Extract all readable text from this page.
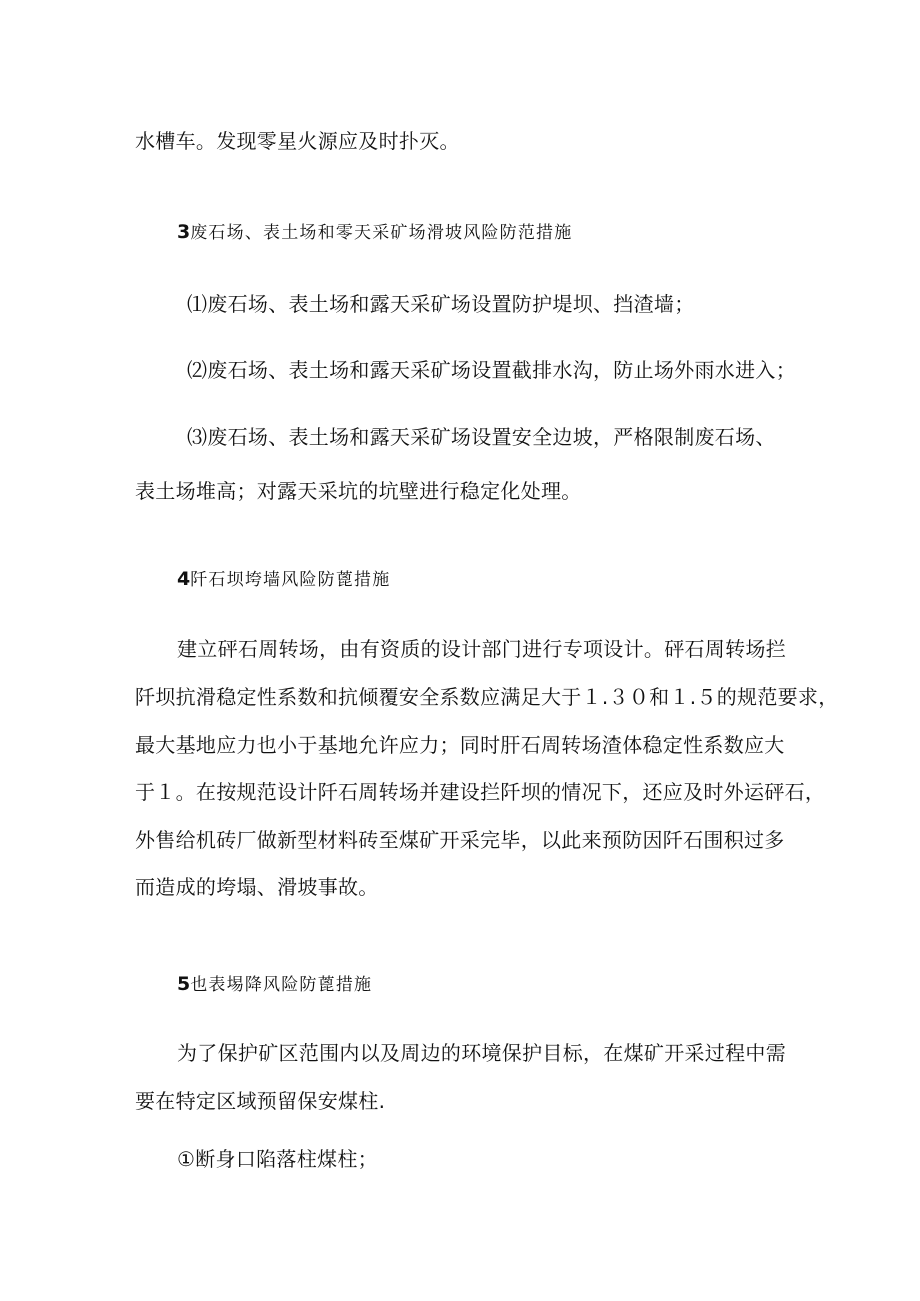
水槽车。发现零星火源应及时扑灭。
3废石场、表土场和零天采矿场滑坡风险防范措施
⑴废石场、表土场和露天采矿场设置防护堤坝、挡渣墙；
⑵废石场、表土场和露天采矿场设置截排水沟，防止场外雨水进入；
⑶废石场、表土场和露天采矿场设置安全边坡，严格限制废石场、
表土场堆高；对露天采坑的坑壁进行稳定化处理。
4阡石坝垮墙风险防蓖措施
建立砰石周转场，由有资质的设计部门进行专项设计。砰石周转场拦
阡坝抗滑稳定性系数和抗倾覆安全系数应满足大于１.３０和１.５的规范要求，
最大基地应力也小于基地允许应力；同时肝石周转场渣体稳定性系数应大
于１。在按规范设计阡石周转场并建设拦阡坝的情况下，还应及时外运砰石，
外售给机砖厂做新型材料砖至煤矿开采完毕，以此来预防因阡石围积过多
而造成的垮塌、滑坡事故。
5也表埸降风险防蓖措施
为了保护矿区范围内以及周边的环境保护目标，在煤矿开采过程中需
要在特定区域预留保安煤柱.
①断身口陷落柱煤柱；
